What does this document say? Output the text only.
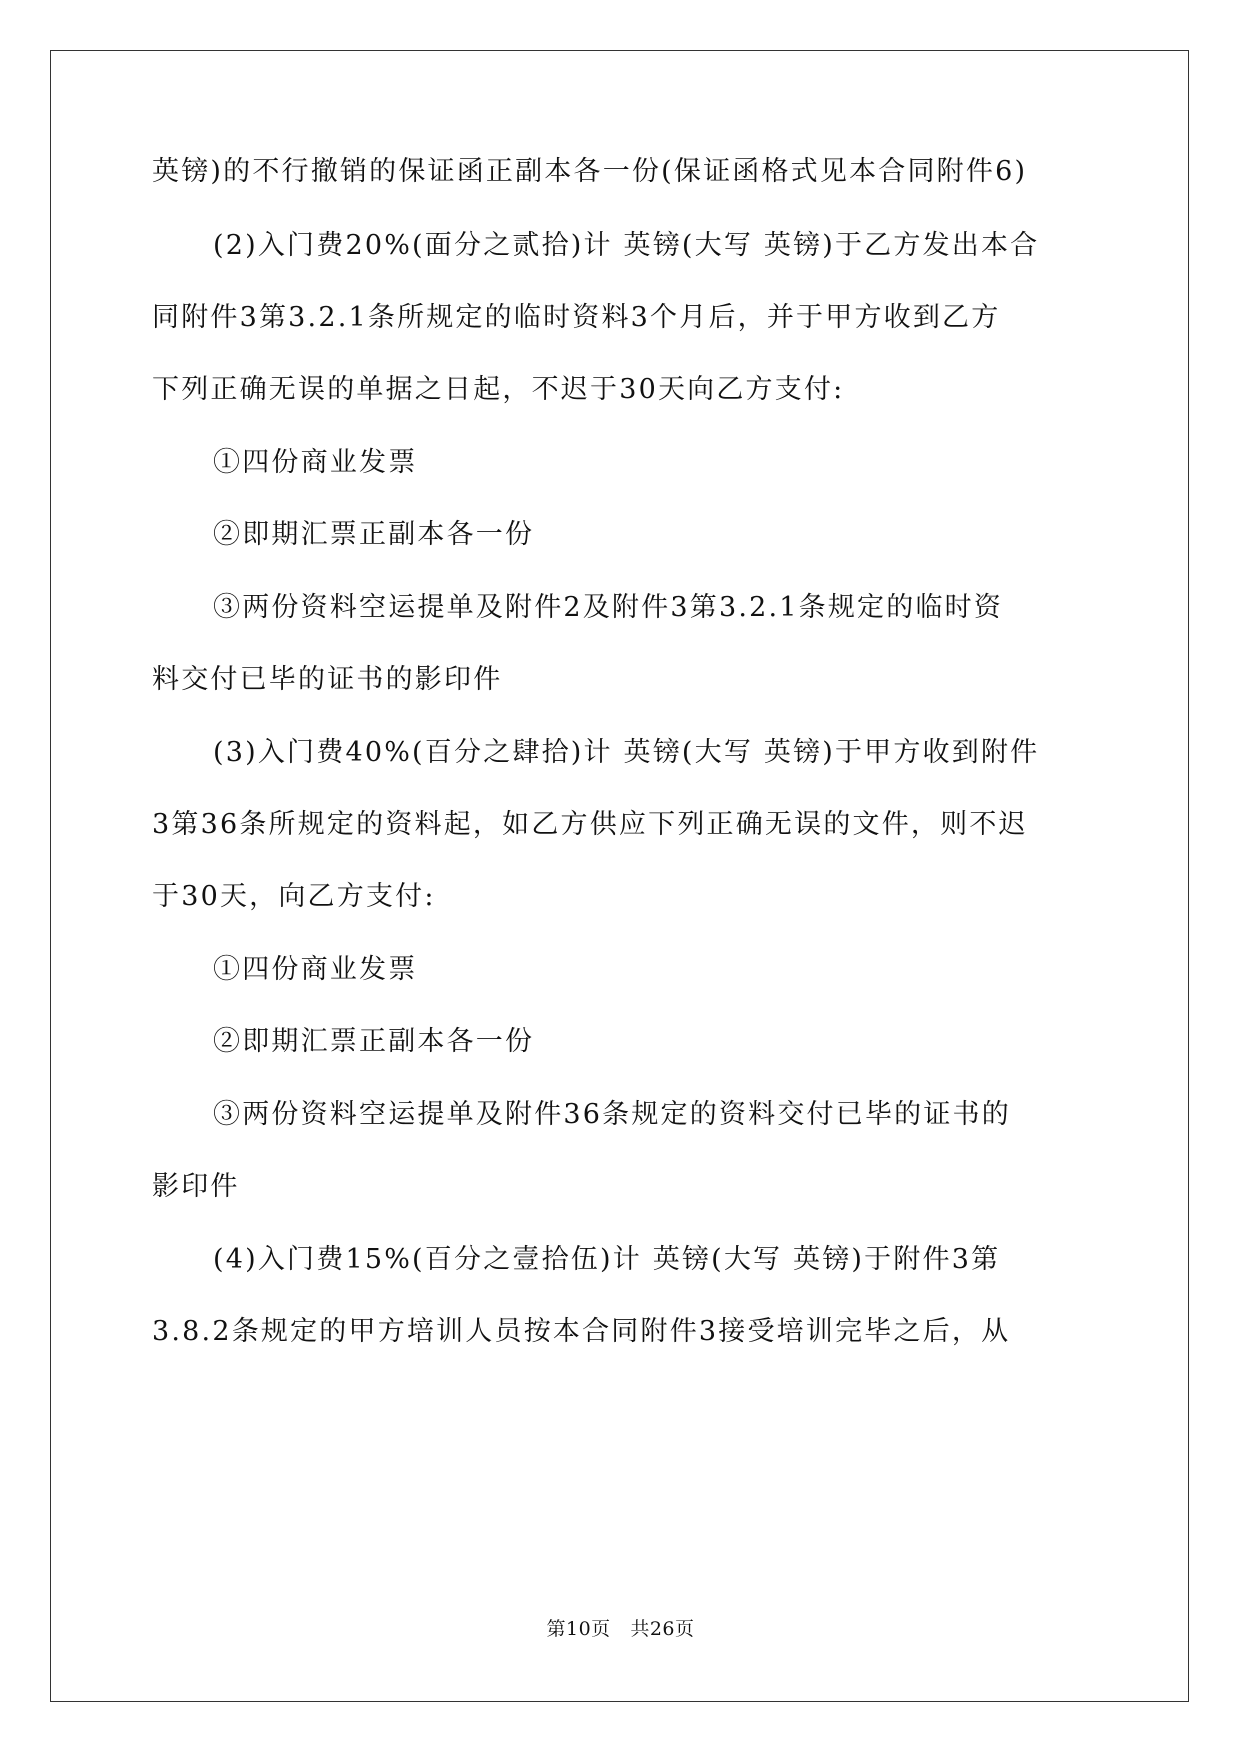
英镑)的不行撤销的保证函正副本各一份(保证函格式见本合同附件6)
(2)入门费20%(面分之贰拾)计 英镑(大写 英镑)于乙方发出本合
同附件3第3.2.1条所规定的临时资料3个月后，并于甲方收到乙方
下列正确无误的单据之日起，不迟于30天向乙方支付:
①四份商业发票
②即期汇票正副本各一份
③两份资料空运提单及附件2及附件3第3.2.1条规定的临时资
料交付已毕的证书的影印件
(3)入门费40%(百分之肆拾)计 英镑(大写 英镑)于甲方收到附件
3第36条所规定的资料起，如乙方供应下列正确无误的文件，则不迟
于30天，向乙方支付:
①四份商业发票
②即期汇票正副本各一份
③两份资料空运提单及附件36条规定的资料交付已毕的证书的
影印件
(4)入门费15%(百分之壹拾伍)计 英镑(大写 英镑)于附件3第
3.8.2条规定的甲方培训人员按本合同附件3接受培训完毕之后，从
第10页 共26页
